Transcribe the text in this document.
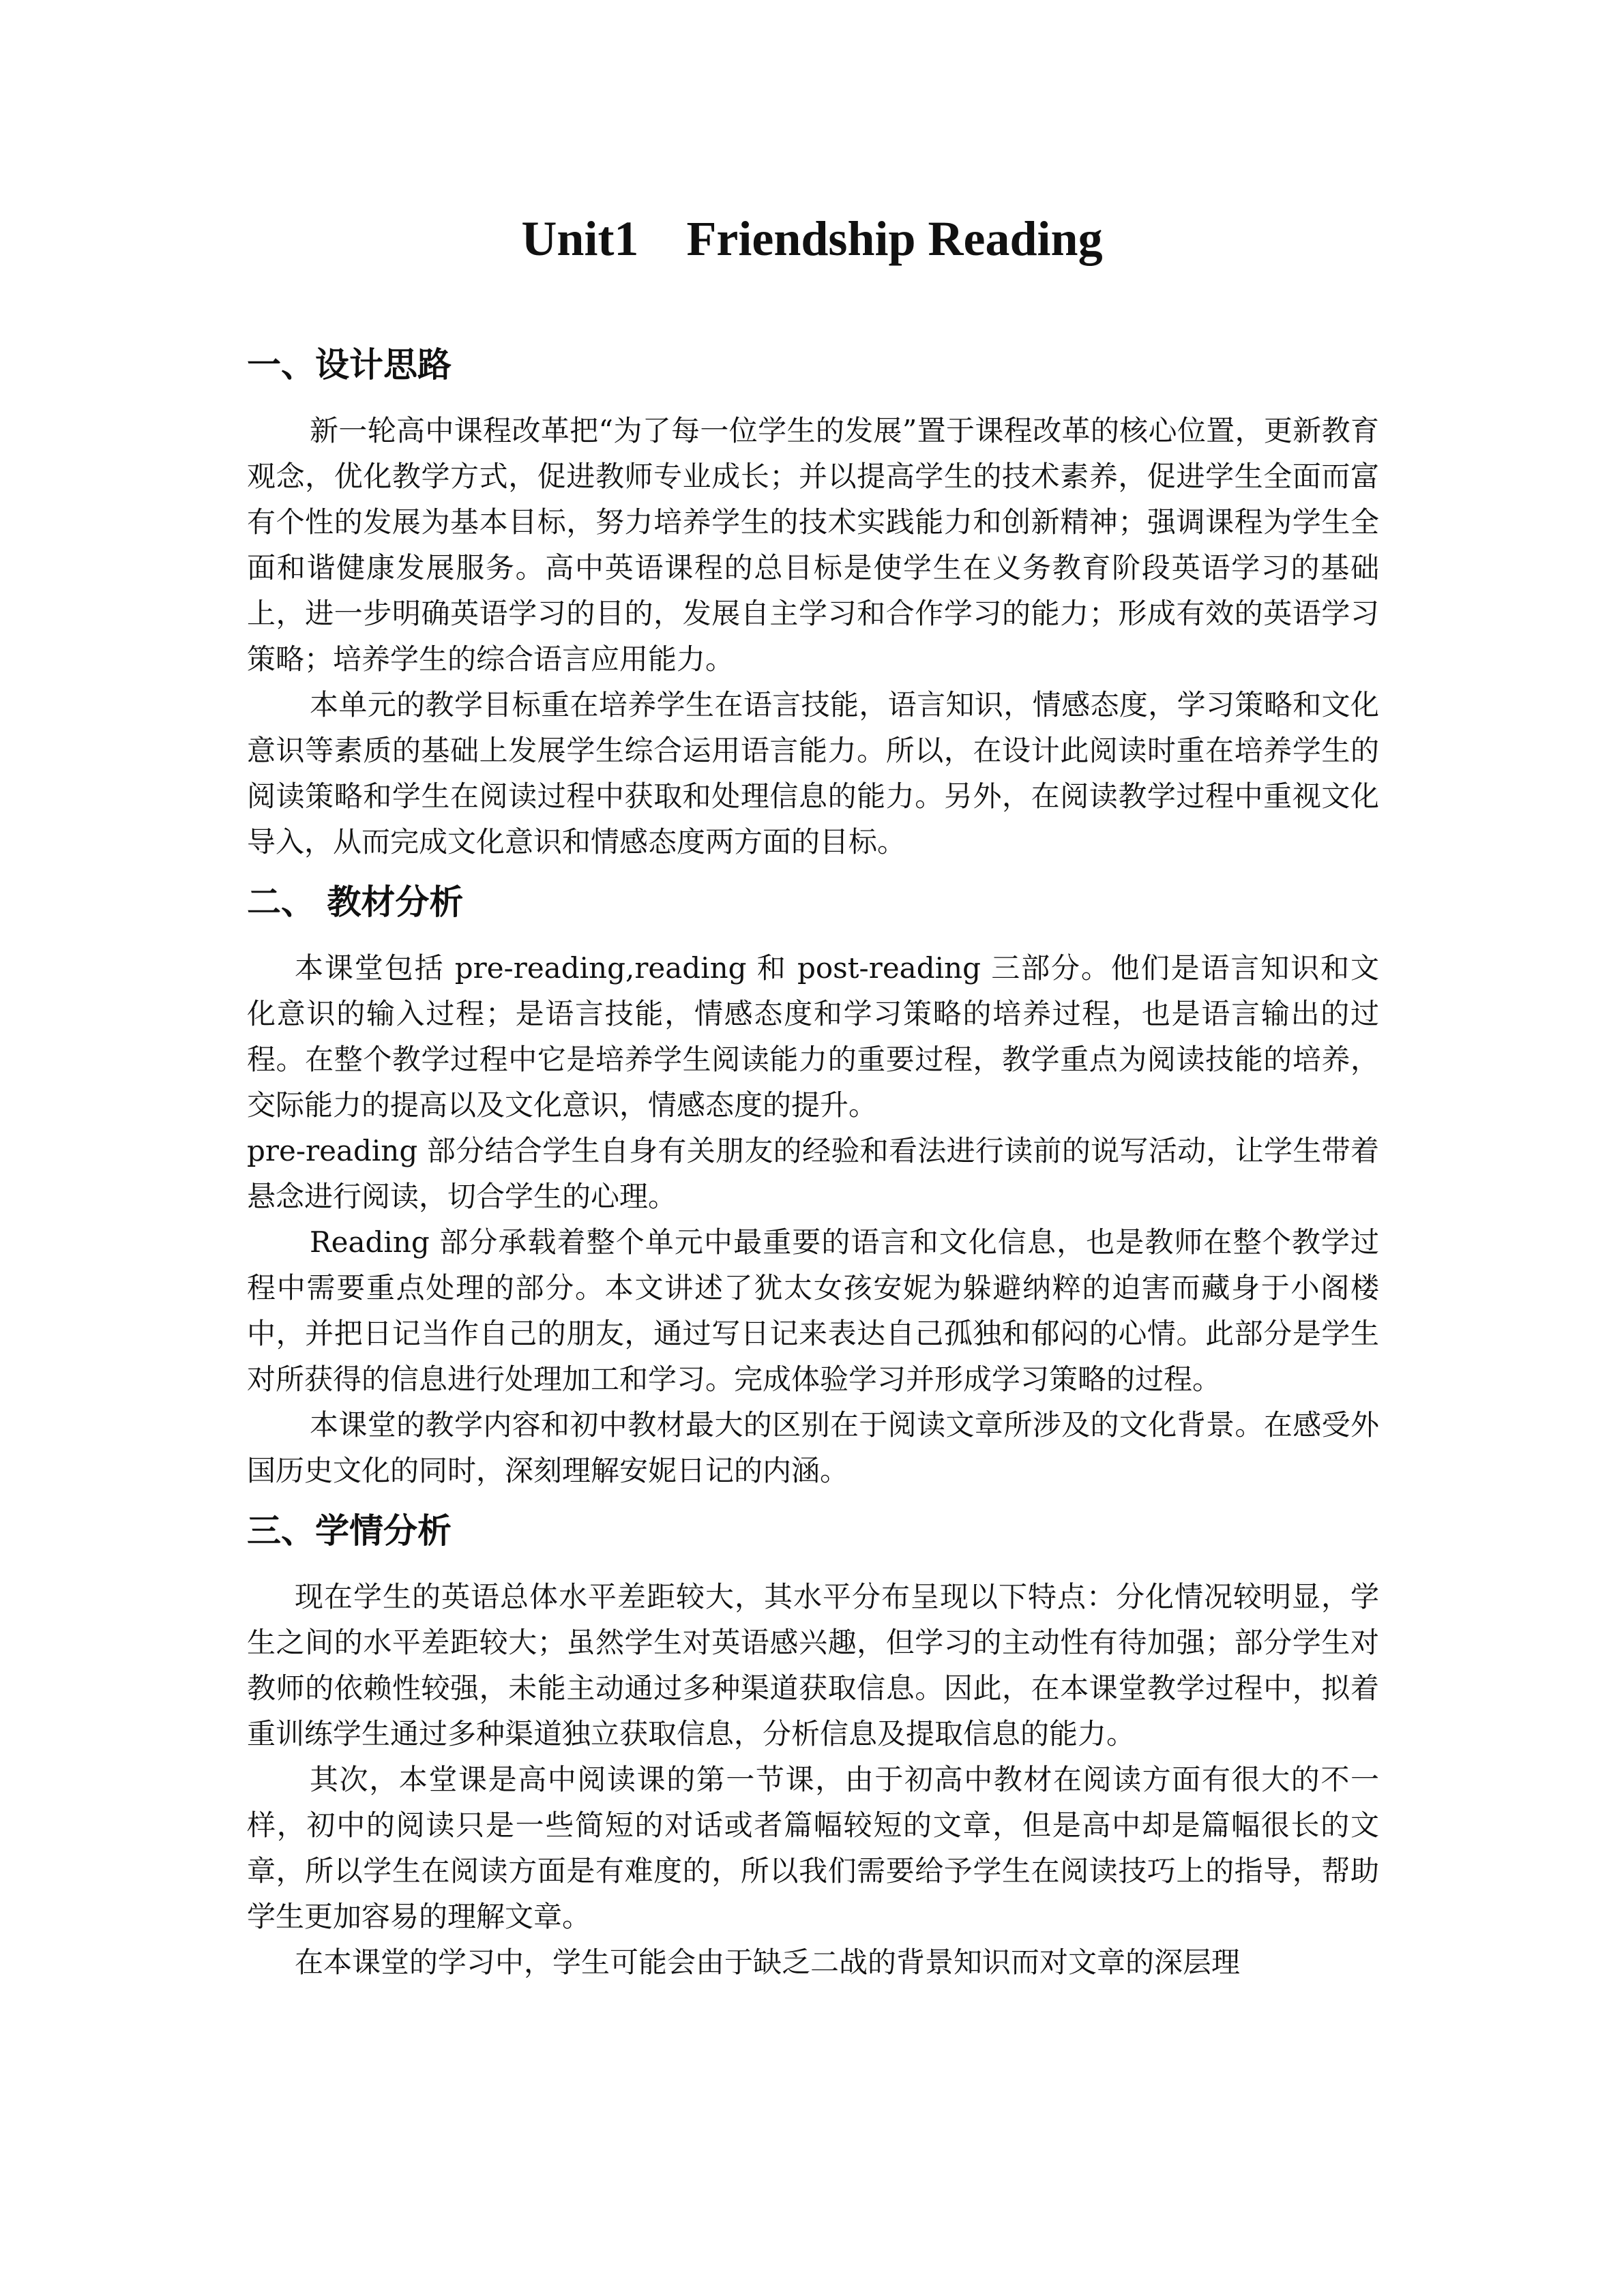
Unit1 Friendship Reading
一、设计思路

新一轮高中课程改革把“为了每一位学生的发展”置于课程改革的核心位置，更新教育观念，优化教学方式，促进教师专业成长；并以提高学生的技术素养，促进学生全面而富有个性的发展为基本目标，努力培养学生的技术实践能力和创新精神；强调课程为学生全面和谐健康发展服务。高中英语课程的总目标是使学生在义务教育阶段英语学习的基础上，进一步明确英语学习的目的，发展自主学习和合作学习的能力；形成有效的英语学习策略；培养学生的综合语言应用能力。

本单元的教学目标重在培养学生在语言技能，语言知识，情感态度，学习策略和文化意识等素质的基础上发展学生综合运用语言能力。所以，在设计此阅读时重在培养学生的阅读策略和学生在阅读过程中获取和处理信息的能力。另外，在阅读教学过程中重视文化导入，从而完成文化意识和情感态度两方面的目标。

二、 教材分析

本课堂包括 pre-reading,reading 和 post-reading 三部分。他们是语言知识和文化意识的输入过程；是语言技能，情感态度和学习策略的培养过程，也是语言输出的过程。在整个教学过程中它是培养学生阅读能力的重要过程，教学重点为阅读技能的培养，交际能力的提高以及文化意识，情感态度的提升。

pre-reading 部分结合学生自身有关朋友的经验和看法进行读前的说写活动，让学生带着悬念进行阅读，切合学生的心理。

Reading 部分承载着整个单元中最重要的语言和文化信息，也是教师在整个教学过程中需要重点处理的部分。本文讲述了犹太女孩安妮为躲避纳粹的迫害而藏身于小阁楼中，并把日记当作自己的朋友，通过写日记来表达自己孤独和郁闷的心情。此部分是学生对所获得的信息进行处理加工和学习。完成体验学习并形成学习策略的过程。

本课堂的教学内容和初中教材最大的区别在于阅读文章所涉及的文化背景。在感受外国历史文化的同时，深刻理解安妮日记的内涵。

三、学情分析

现在学生的英语总体水平差距较大，其水平分布呈现以下特点：分化情况较明显，学生之间的水平差距较大；虽然学生对英语感兴趣，但学习的主动性有待加强；部分学生对教师的依赖性较强，未能主动通过多种渠道获取信息。因此，在本课堂教学过程中，拟着重训练学生通过多种渠道独立获取信息，分析信息及提取信息的能力。

其次，本堂课是高中阅读课的第一节课，由于初高中教材在阅读方面有很大的不一样，初中的阅读只是一些简短的对话或者篇幅较短的文章，但是高中却是篇幅很长的文章，所以学生在阅读方面是有难度的，所以我们需要给予学生在阅读技巧上的指导，帮助学生更加容易的理解文章。

在本课堂的学习中，学生可能会由于缺乏二战的背景知识而对文章的深层理
